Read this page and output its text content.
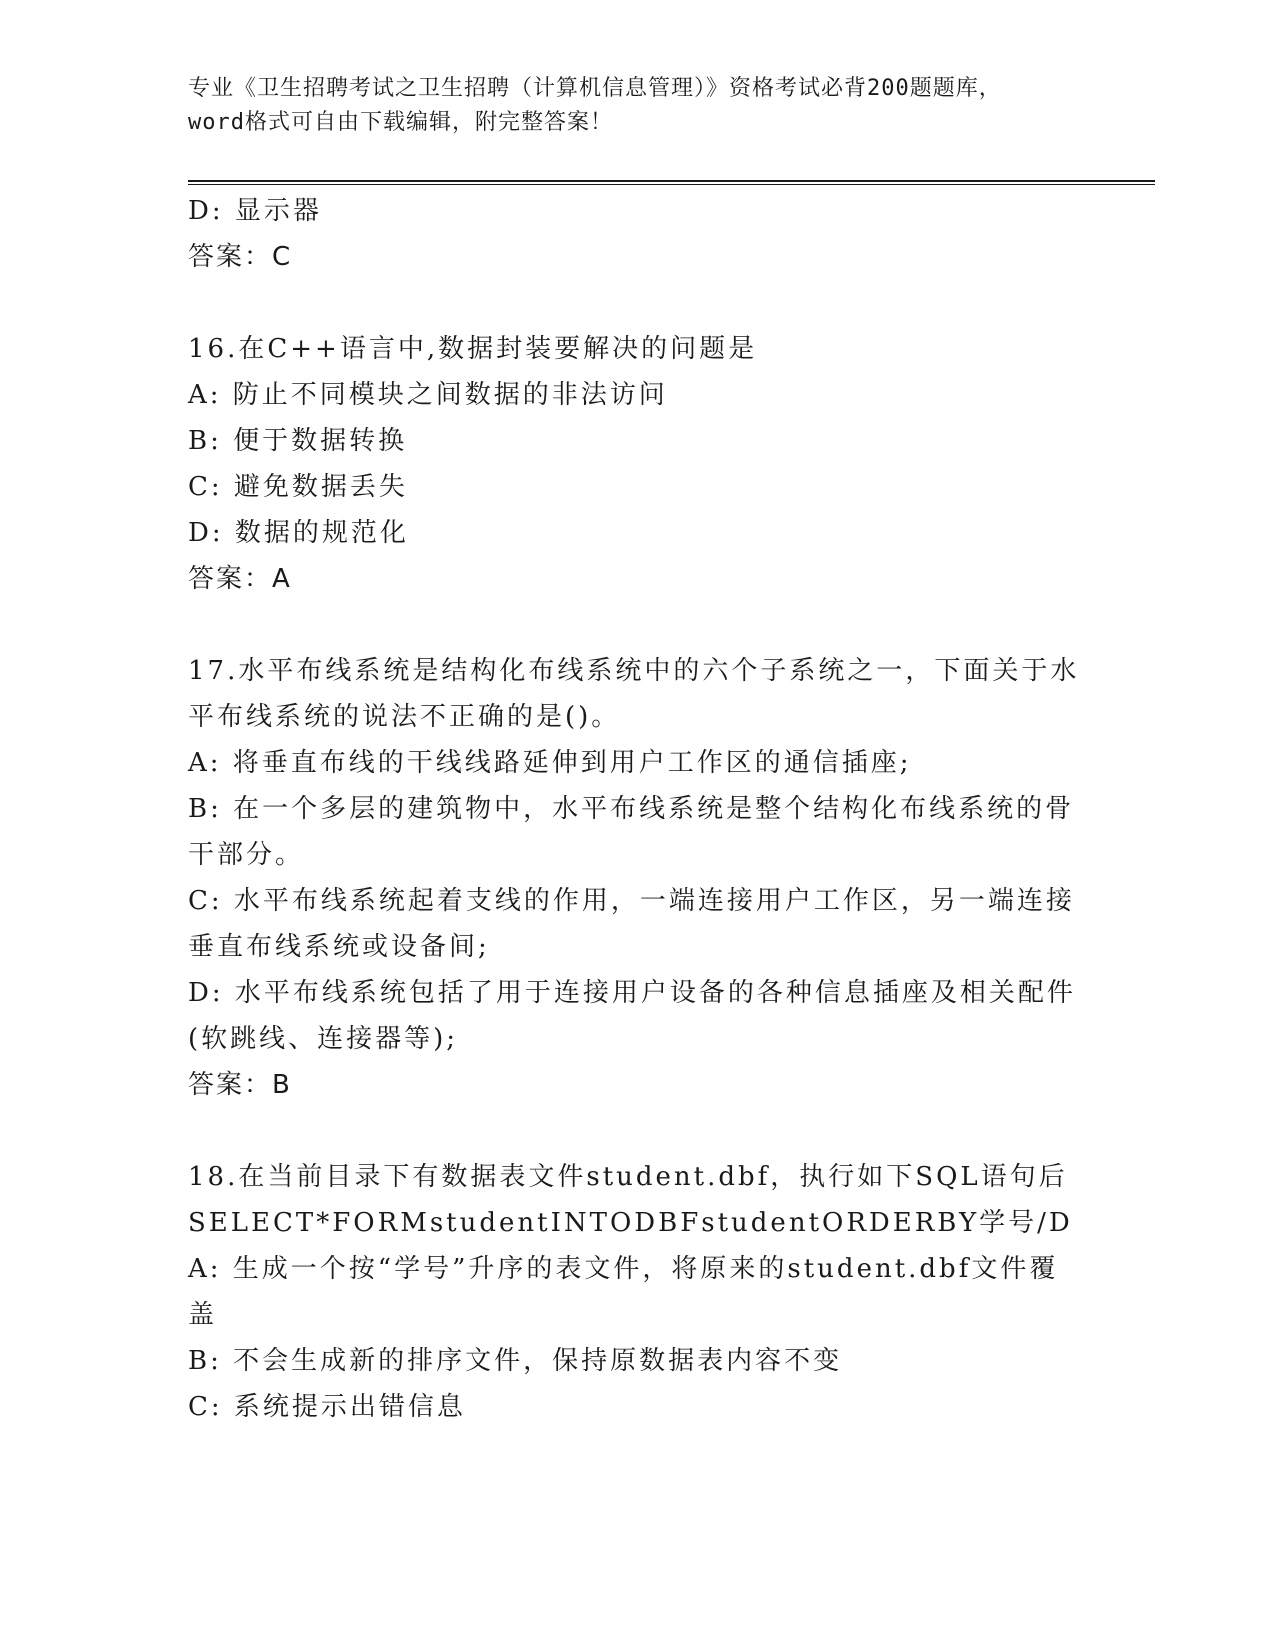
专业《卫生招聘考试之卫生招聘（计算机信息管理）》资格考试必背200题题库，
word格式可自由下载编辑，附完整答案！
D: 显示器
答案：C
16.在C++语言中,数据封装要解决的问题是
A: 防止不同模块之间数据的非法访问
B: 便于数据转换
C: 避免数据丢失
D: 数据的规范化
答案：A
17.水平布线系统是结构化布线系统中的六个子系统之一，下面关于水
平布线系统的说法不正确的是()。
A: 将垂直布线的干线线路延伸到用户工作区的通信插座;
B: 在一个多层的建筑物中，水平布线系统是整个结构化布线系统的骨
干部分。
C: 水平布线系统起着支线的作用，一端连接用户工作区，另一端连接
垂直布线系统或设备间;
D: 水平布线系统包括了用于连接用户设备的各种信息插座及相关配件
(软跳线、连接器等);
答案：B
18.在当前目录下有数据表文件student.dbf，执行如下SQL语句后
SELECT*FORMstudentINTODBFstudentORDERBY学号/D
A: 生成一个按“学号”升序的表文件，将原来的student.dbf文件覆
盖
B: 不会生成新的排序文件，保持原数据表内容不变
C: 系统提示出错信息
